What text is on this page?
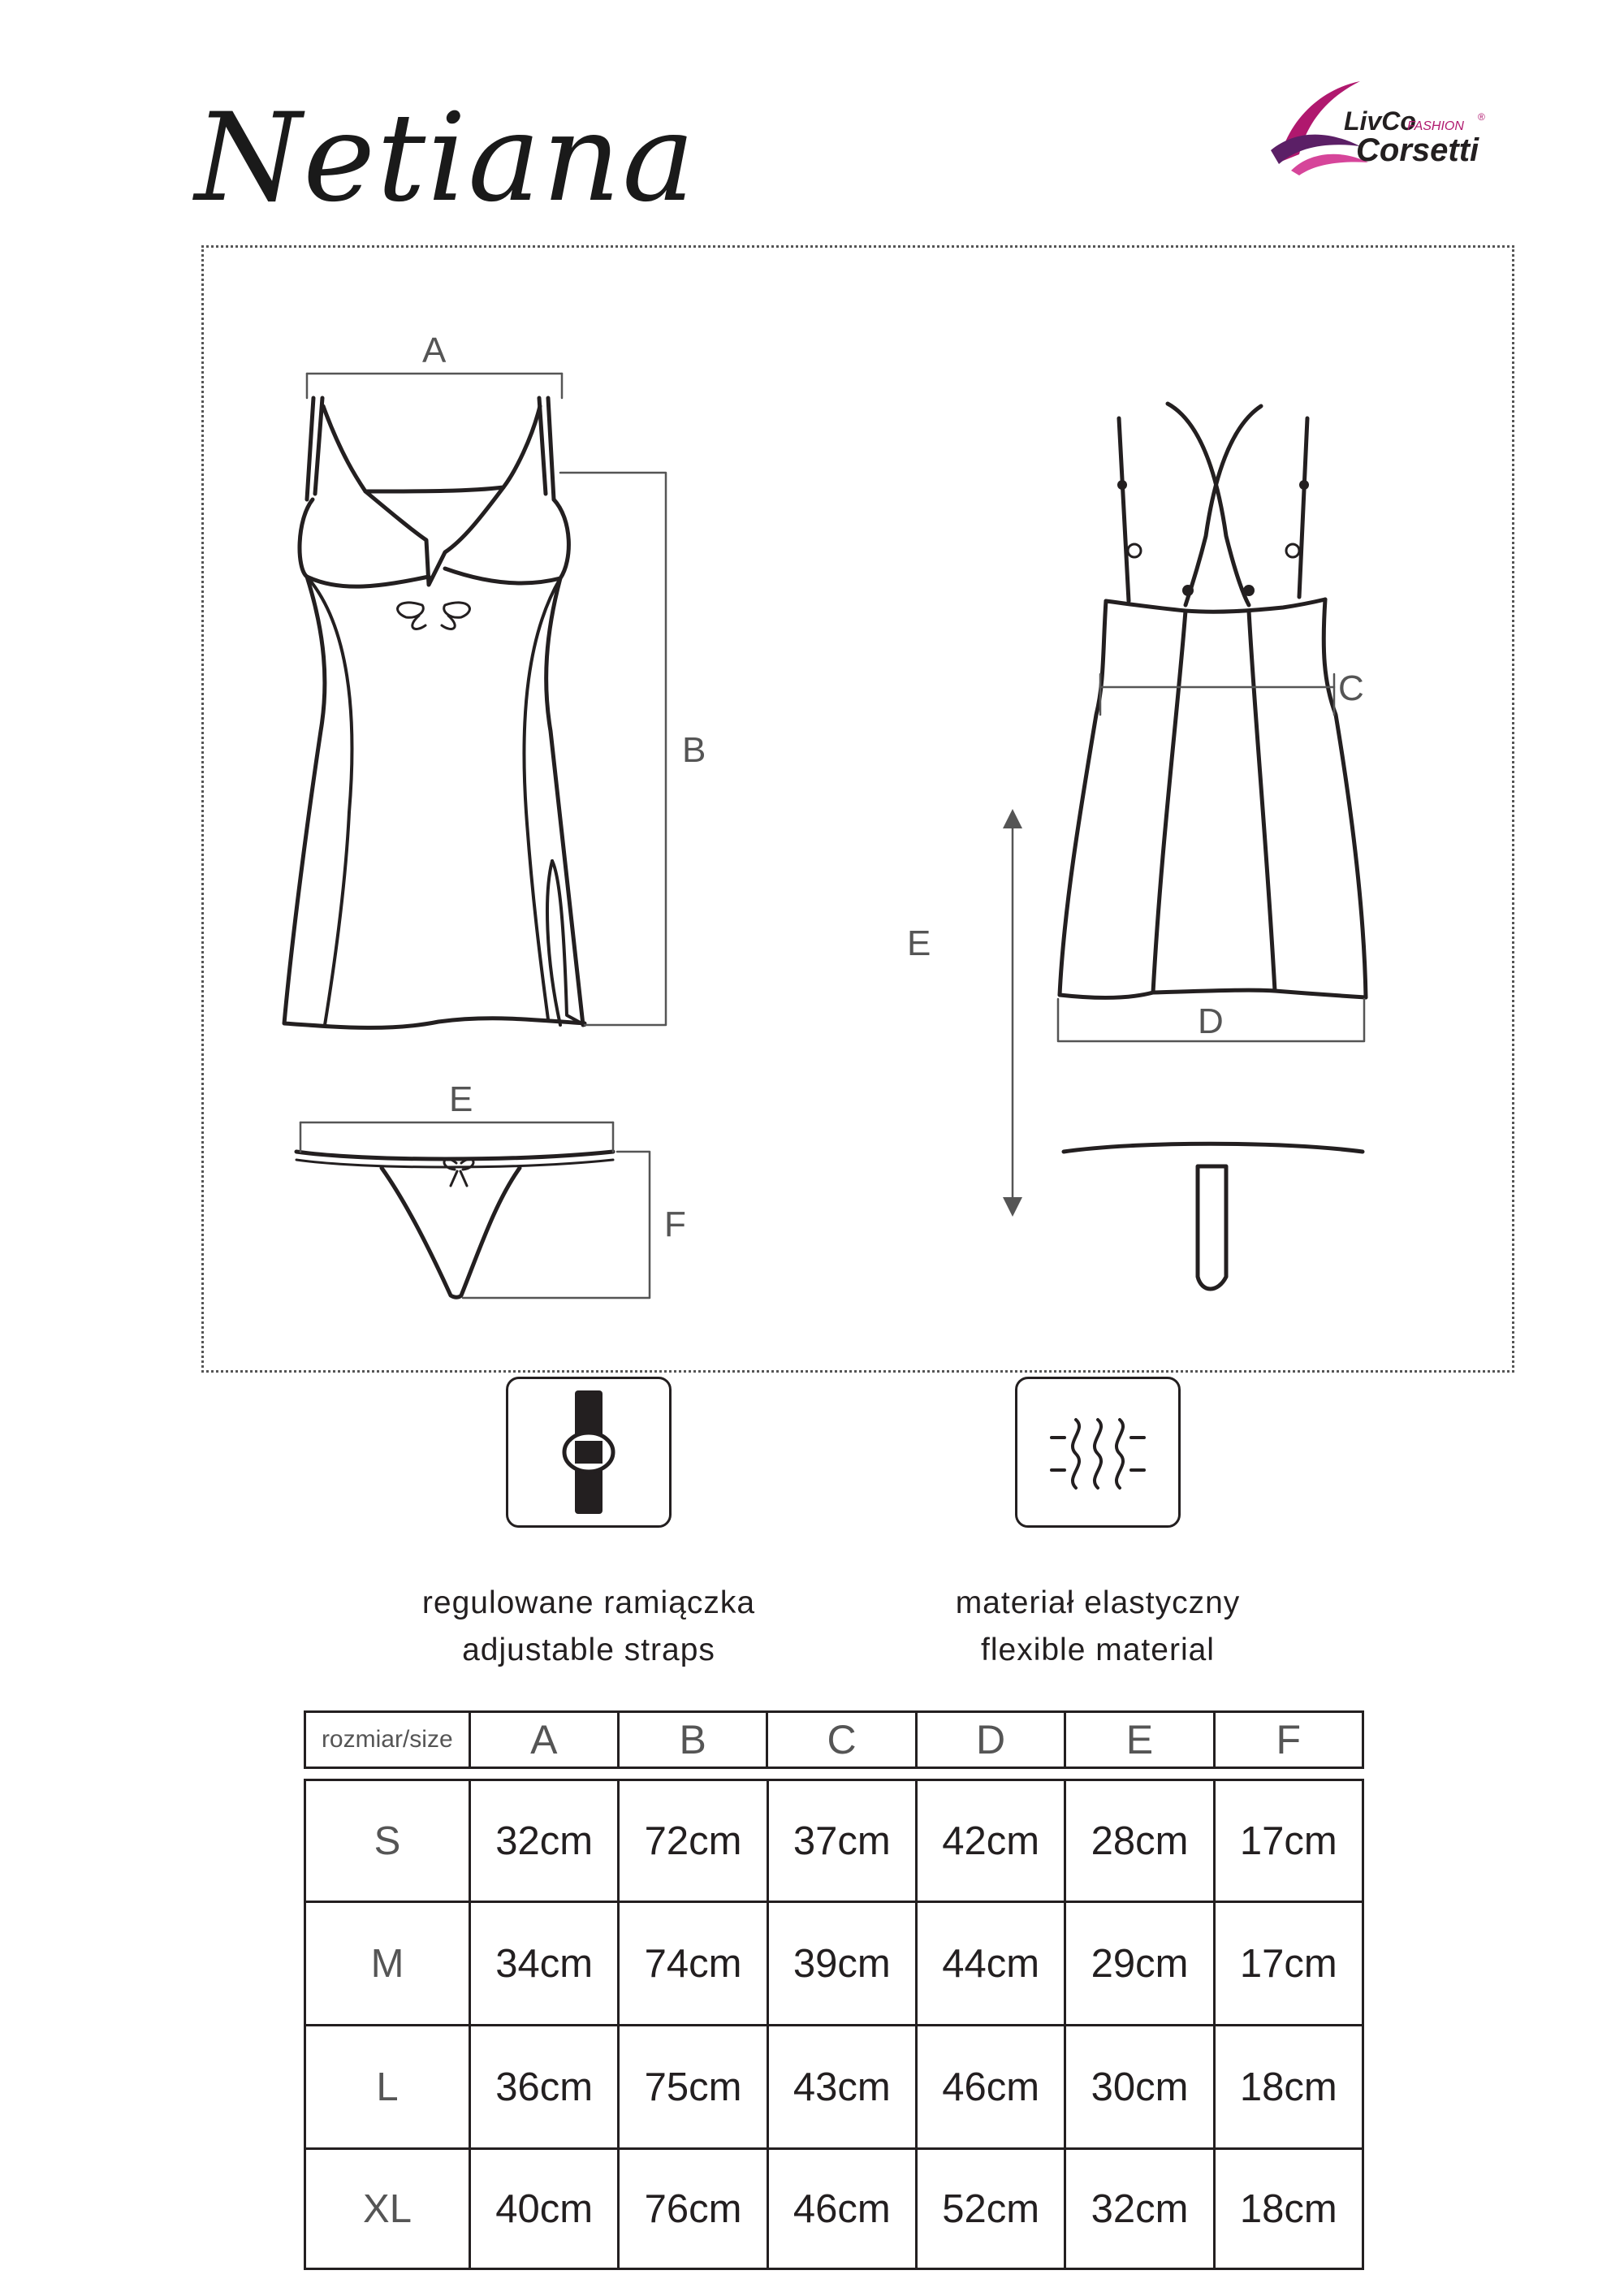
Netiana	LivCo
FASHION
Corsetti
®
A
B
C
D
E
E
F
regulowane ramiączka
adjustable straps
materiał elastyczny
flexible material
rozmiar/size	A	B	C	D	E	F
S	32cm	72cm	37cm	42cm	28cm	17cm
M	34cm	74cm	39cm	44cm	29cm	17cm
L	36cm	75cm	43cm	46cm	30cm	18cm
XL	40cm	76cm	46cm	52cm	32cm	18cm
